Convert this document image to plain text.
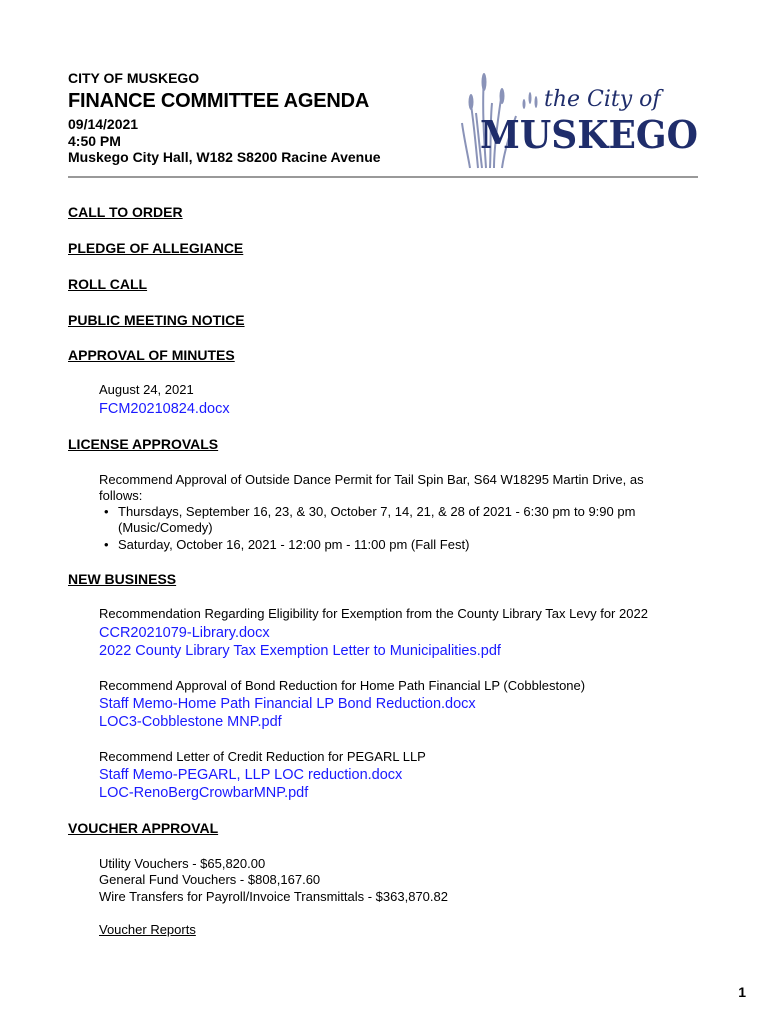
CITY OF MUSKEGO
FINANCE COMMITTEE AGENDA
09/14/2021
4:50 PM
Muskego City Hall, W182 S8200 Racine Avenue
the City of
MUSKEGO
CALL TO ORDER
PLEDGE OF ALLEGIANCE
ROLL CALL
PUBLIC MEETING NOTICE
APPROVAL OF MINUTES
August 24, 2021
FCM20210824.docx
LICENSE APPROVALS
Recommend Approval of Outside Dance Permit for Tail Spin Bar, S64 W18295 Martin Drive, as
follows:
• Thursdays, September 16, 23, & 30, October 7, 14, 21, & 28 of 2021 - 6:30 pm to 9:90 pm
(Music/Comedy)
• Saturday, October 16, 2021 - 12:00 pm - 11:00 pm (Fall Fest)
NEW BUSINESS
Recommendation Regarding Eligibility for Exemption from the County Library Tax Levy for 2022
CCR2021079-Library.docx
2022 County Library Tax Exemption Letter to Municipalities.pdf
Recommend Approval of Bond Reduction for Home Path Financial LP (Cobblestone)
Staff Memo-Home Path Financial LP Bond Reduction.docx
LOC3-Cobblestone MNP.pdf
Recommend Letter of Credit Reduction for PEGARL LLP
Staff Memo-PEGARL, LLP LOC reduction.docx
LOC-RenoBergCrowbarMNP.pdf
VOUCHER APPROVAL
Utility Vouchers - $65,820.00
General Fund Vouchers - $808,167.60
Wire Transfers for Payroll/Invoice Transmittals - $363,870.82
Voucher Reports
1
